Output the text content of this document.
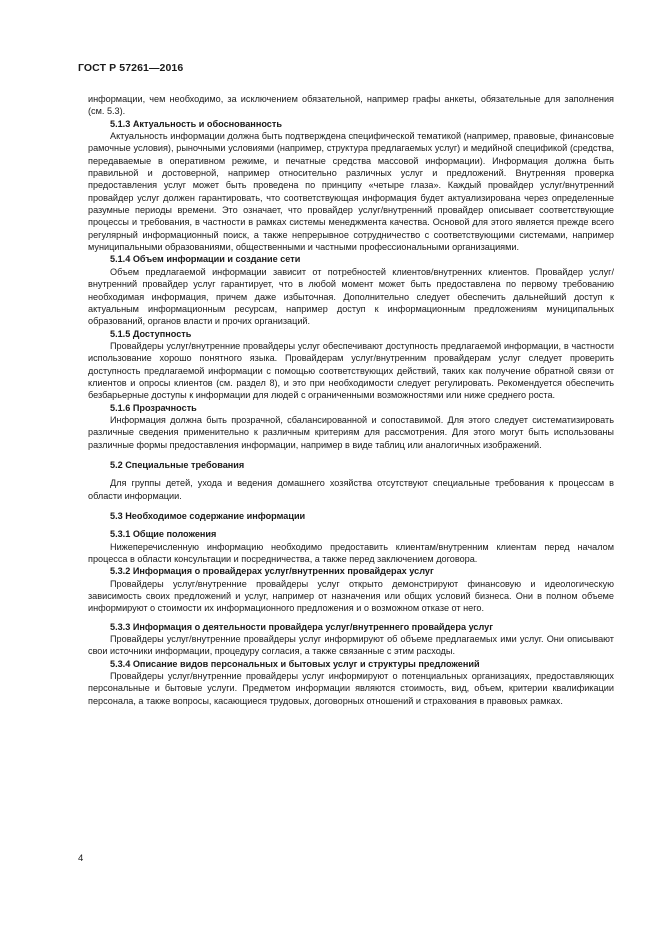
ГОСТ Р 57261—2016

информации, чем необходимо, за исключением обязательной, например графы анкеты, обязательные для заполнения (см. 5.3).

5.1.3 Актуальность и обоснованность

Актуальность информации должна быть подтверждена специфической тематикой (например, правовые, финансовые рамочные условия), рыночными условиями (например, структура предлагаемых услуг) и медийной спецификой (средства, передаваемые в оперативном режиме, и печатные средства массовой информации). Информация должна быть правильной и достоверной, например относительно различных услуг и предложений. Внутренняя проверка предоставления услуг может быть проведена по принципу «четыре глаза». Каждый провайдер услуг/внутренний провайдер услуг должен гарантировать, что соответствующая информация будет актуализирована через определенные разумные периоды времени. Это означает, что провайдер услуг/внутренний провайдер описывает соответствующие процессы и требования, в частности в рамках системы менеджмента качества. Основой для этого является прежде всего регулярный информационный поиск, а также непрерывное сотрудничество с соответствующими системами, например муниципальными образованиями, общественными и частными профессиональными организациями.

5.1.4 Объем информации и создание сети

Объем предлагаемой информации зависит от потребностей клиентов/внутренних клиентов. Провайдер услуг/внутренний провайдер услуг гарантирует, что в любой момент может быть предоставлена по первому требованию необходимая информация, причем даже избыточная. Дополнительно следует обеспечить дальнейший доступ к актуальным информационным ресурсам, например доступ к информационным предложениям муниципальных образований, органов власти и прочих организаций.

5.1.5 Доступность

Провайдеры услуг/внутренние провайдеры услуг обеспечивают доступность предлагаемой информации, в частности использование хорошо понятного языка. Провайдерам услуг/внутренним провайдерам услуг следует проверить доступность предлагаемой информации с помощью соответствующих действий, таких как получение обратной связи от клиентов и опросы клиентов (см. раздел 8), и это при необходимости следует регулировать. Рекомендуется обеспечить безбарьерные доступы к информации для людей с ограниченными возможностями или ниже среднего роста.

5.1.6 Прозрачность

Информация должна быть прозрачной, сбалансированной и сопоставимой. Для этого следует систематизировать различные сведения применительно к различным критериям для рассмотрения. Для этого могут быть использованы различные формы предоставления информации, например в виде таблиц или аналогичных изображений.

5.2 Специальные требования

Для группы детей, ухода и ведения домашнего хозяйства отсутствуют специальные требования к процессам в области информации.

5.3 Необходимое содержание информации
5.3.1 Общие положения

Нижеперечисленную информацию необходимо предоставить клиентам/внутренним клиентам перед началом процесса в области консультации и посредничества, а также перед заключением договора.

5.3.2 Информация о провайдерах услуг/внутренних провайдерах услуг

Провайдеры услуг/внутренние провайдеры услуг открыто демонстрируют финансовую и идеологическую зависимость своих предложений и услуг, например от назначения или общих условий бизнеса. Они в полном объеме информируют о стоимости их информационного предложения и о возможном отказе от него.

5.3.3 Информация о деятельности провайдера услуг/внутреннего провайдера услуг

Провайдеры услуг/внутренние провайдеры услуг информируют об объеме предлагаемых ими услуг. Они описывают свои источники информации, процедуру согласия, а также связанные с этим расходы.

5.3.4 Описание видов персональных и бытовых услуг и структуры предложений

Провайдеры услуг/внутренние провайдеры услуг информируют о потенциальных организациях, предоставляющих персональные и бытовые услуги. Предметом информации являются стоимость, вид, объем, критерии квалификации персонала, а также вопросы, касающиеся трудовых, договорных отношений и страхования в правовых рамках.

4
